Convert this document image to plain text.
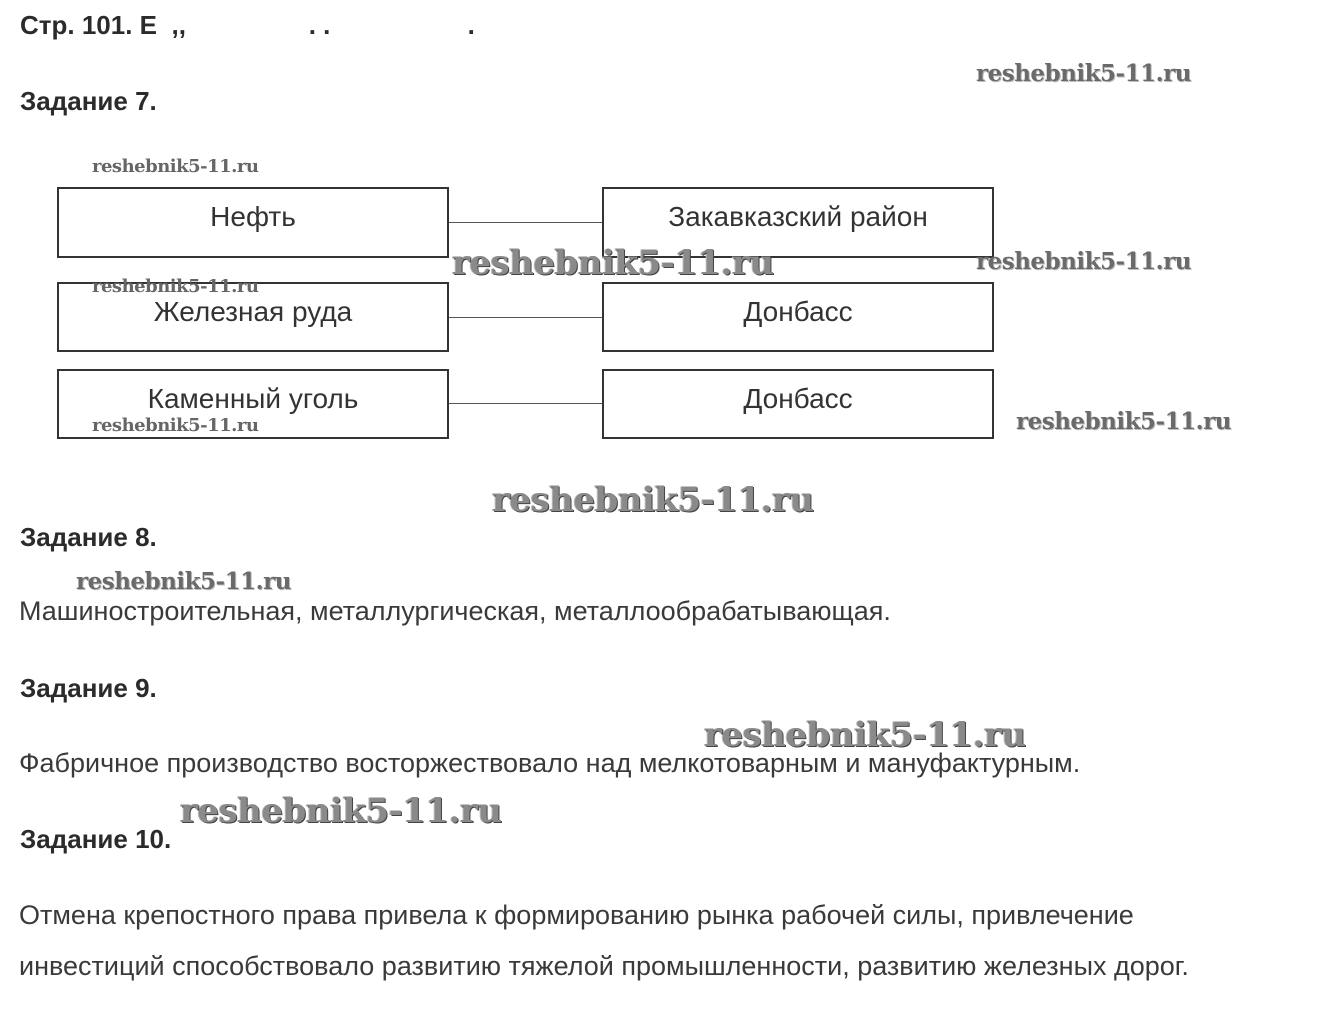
Стр. 101. Е  ,,                 . .                   .
Задание 7.
Нефть	Закавказский район
Железная руда	Донбасс
Каменный уголь	Донбасс
Задание 8.
Машиностроительная, металлургическая, металлообрабатывающая.
Задание 9.
Фабричное производство восторжествовало над мелкотоварным и мануфактурным.
Задание 10.
Отмена крепостного права привела к формированию рынка рабочей силы, привлечение
инвестиций способствовало развитию тяжелой промышленности, развитию железных дорог.
reshebnik5-11.ru
reshebnik5-11.ru
reshebnik5-11.ru	reshebnik5-11.ru
reshebnik5-11.ru
reshebnik5-11.ru
reshebnik5-11.ru
reshebnik5-11.ru
reshebnik5-11.ru
reshebnik5-11.ru
reshebnik5-11.ru
